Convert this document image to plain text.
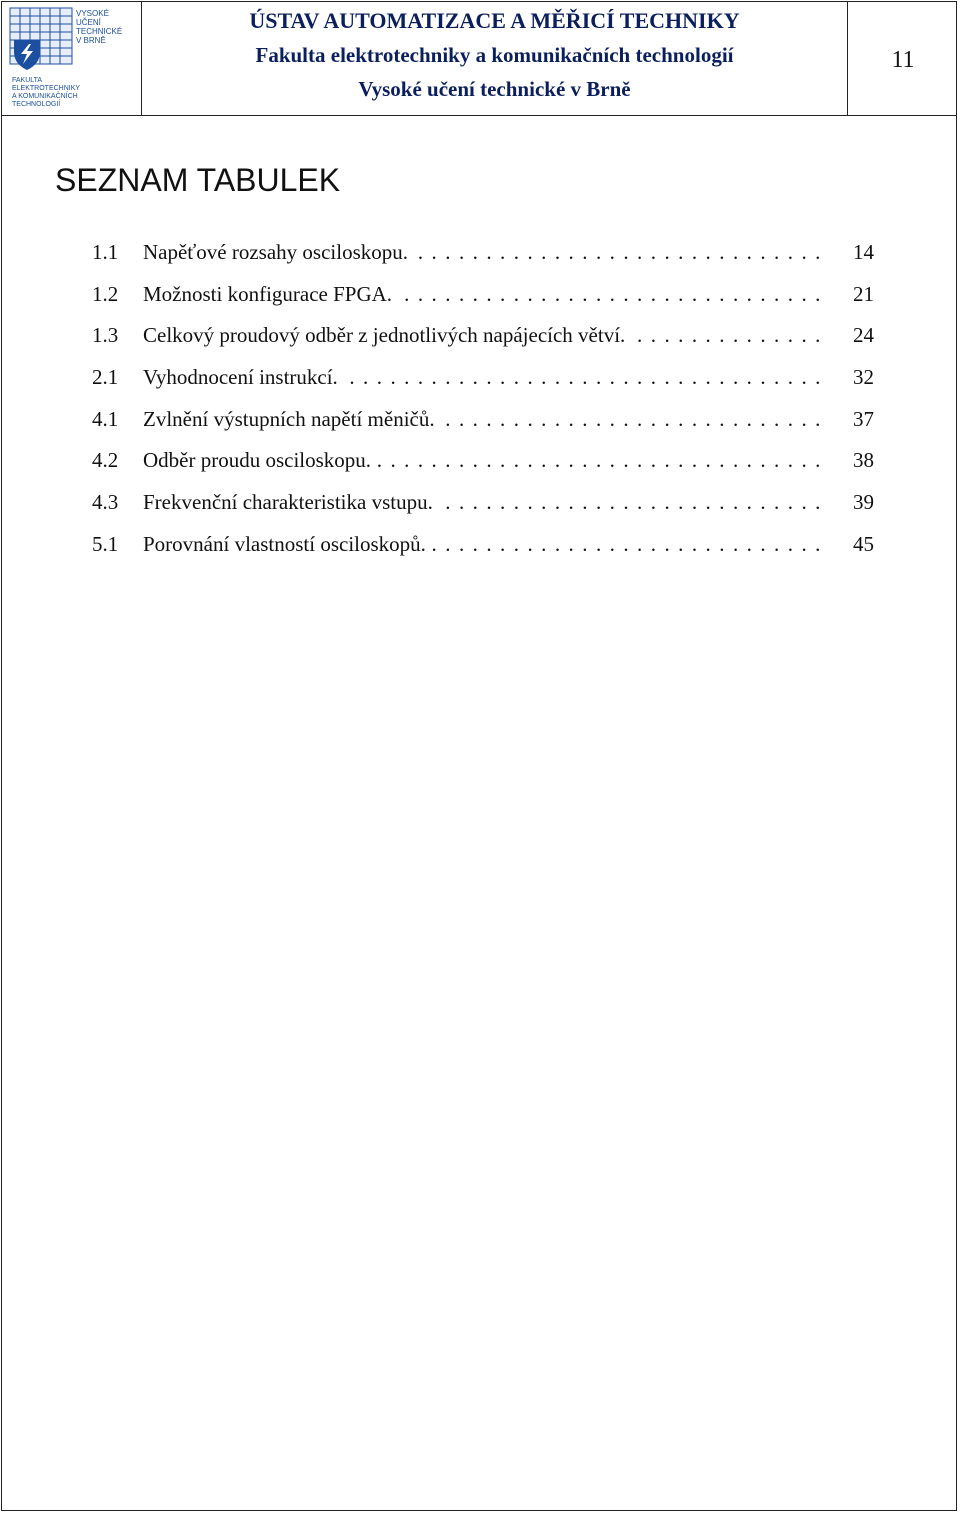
VYSOKÉ
UČENÍ
TECHNICKÉ
V BRNĚ
FAKULTA
ELEKTROTECHNIKY
A KOMUNIKAČNÍCH
TECHNOLOGIÍ
ÚSTAV AUTOMATIZACE A MĚŘICÍ TECHNIKY
Fakulta elektrotechniky a komunikačních technologií
Vysoké učení technické v Brně
11
SEZNAM TABULEK
1.1	Napěťové rozsahy osciloskopu. . . .	14
1.2	Možnosti konfigurace FPGA. . . .	21
1.3	Celkový proudový odběr z jednotlivých napájecích větví. . . .	24
2.1	Vyhodnocení instrukcí. . . .	32
4.1	Zvlnění výstupních napětí měničů. . . .	37
4.2	Odběr proudu osciloskopu. . . .	38
4.3	Frekvenční charakteristika vstupu. . . .	39
5.1	Porovnání vlastností osciloskopů. . . .	45
